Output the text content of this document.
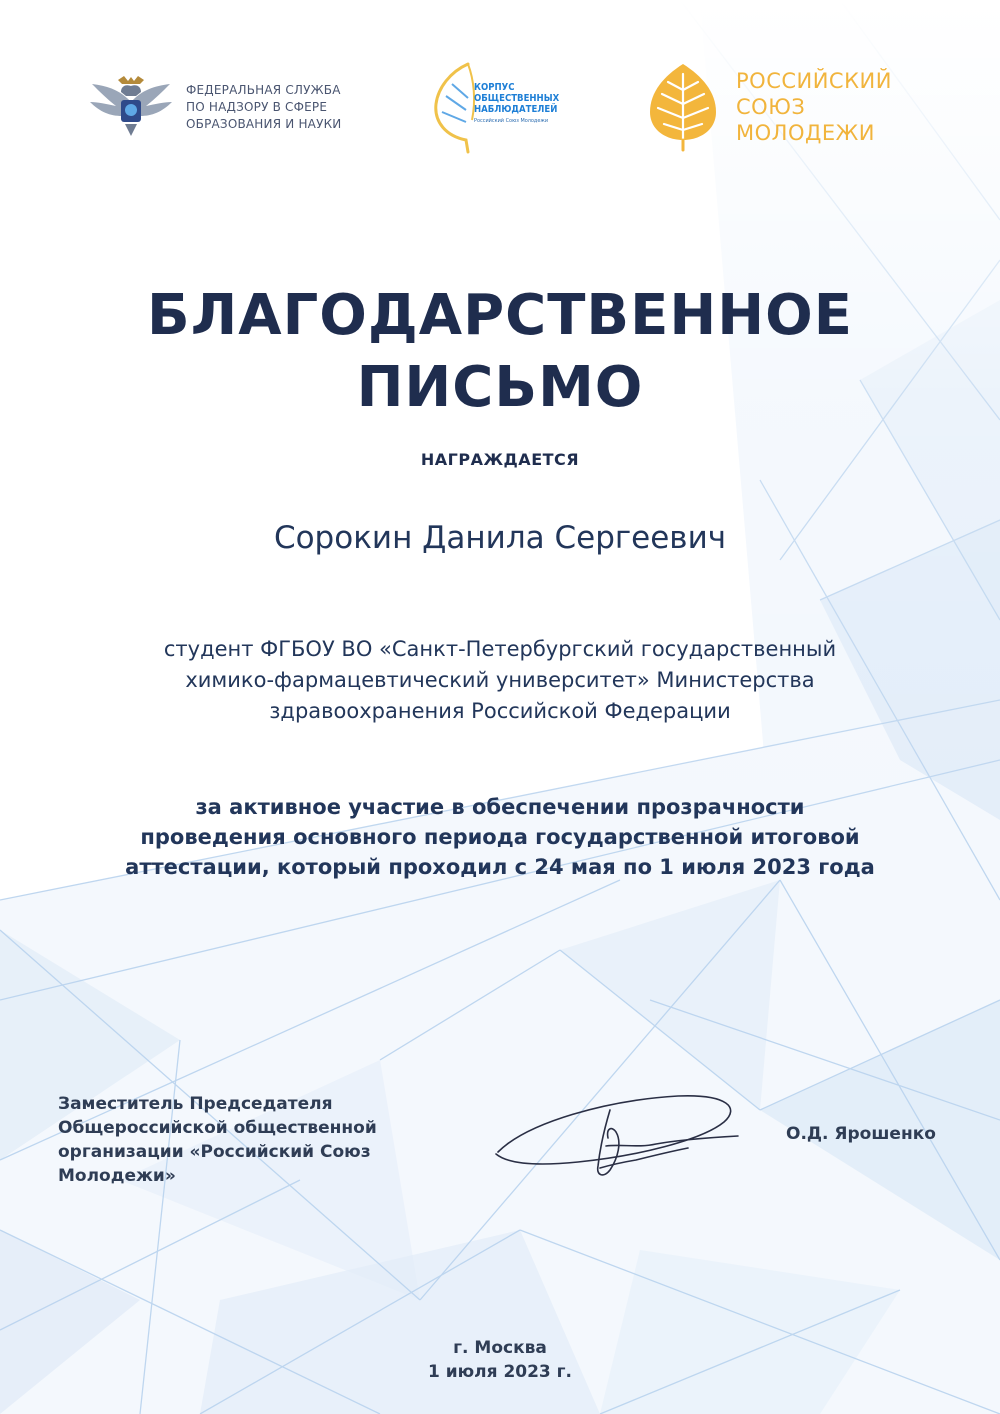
ФЕДЕРАЛЬНАЯ СЛУЖБА
ПО НАДЗОРУ В СФЕРЕ
ОБРАЗОВАНИЯ И НАУКИ
КОРПУС
ОБЩЕСТВЕННЫХ
НАБЛЮДАТЕЛЕЙ
Российский Союз Молодежи
РОССИЙСКИЙ
СОЮЗ
МОЛОДЕЖИ
БЛАГОДАРСТВЕННОЕ
ПИСЬМО
НАГРАЖДАЕТСЯ
Сорокин Данила Сергеевич
студент ФГБОУ ВО «Санкт-Петербургский государственный
химико-фармацевтический университет» Министерства
здравоохранения Российской Федерации
за активное участие в обеспечении прозрачности
проведения основного периода государственной итоговой
аттестации, который проходил с 24 мая по 1 июля 2023 года
Заместитель Председателя
Общероссийской общественной
организации «Российский Союз
Молодежи»
О.Д. Ярошенко
г. Москва
1 июля 2023 г.
